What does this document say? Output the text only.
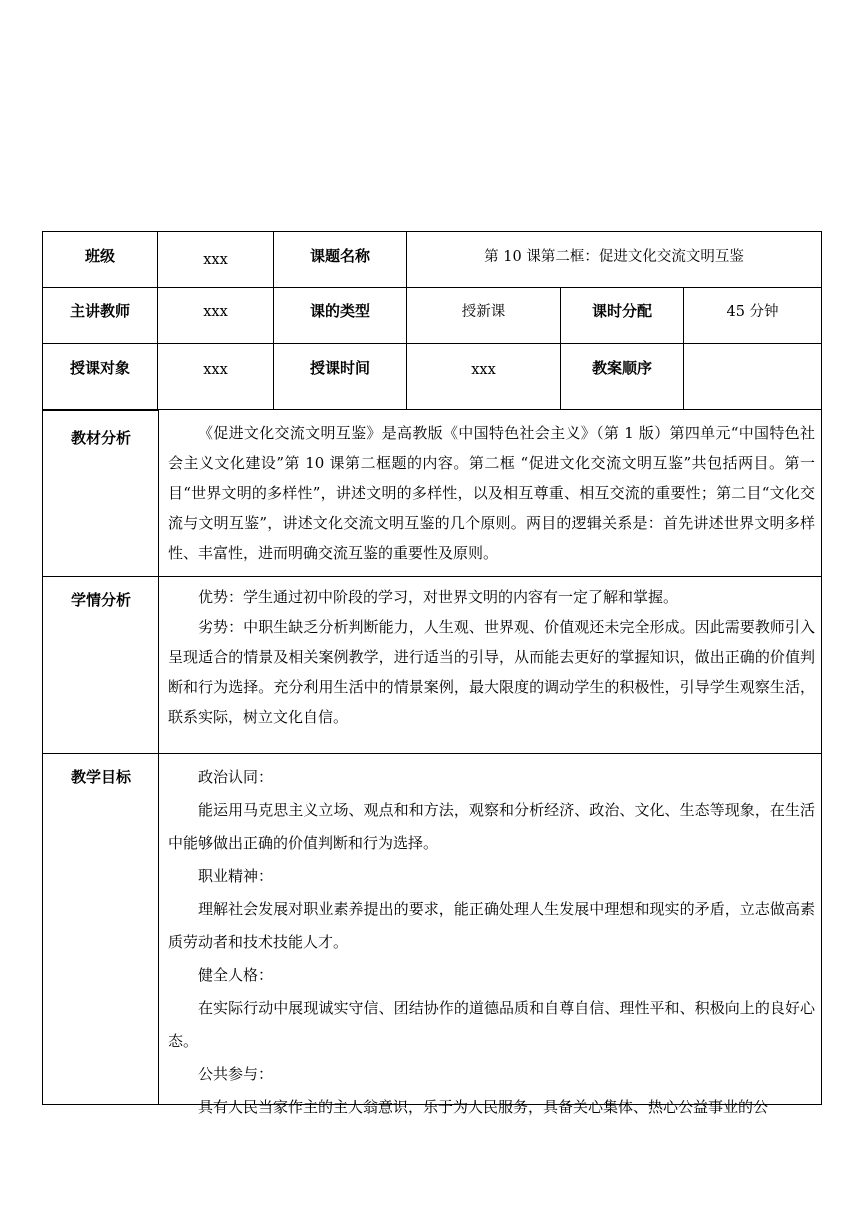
班级	xxx	课题名称	第 10 课第二框：促进文化交流文明互鉴
主讲教师	xxx	课的类型	授新课	课时分配	45 分钟
授课对象	xxx	授课时间	xxx	教案顺序
教材分析	《促进文化交流文明互鉴》是高教版《中国特色社会主义》（第 1 版）第四单元“中国特色社会主义文化建设”第 10 课第二框题的内容。第二框 “促进文化交流文明互鉴”共包括两目。第一目“世界文明的多样性”，讲述文明的多样性，以及相互尊重、相互交流的重要性；第二目“文化交流与文明互鉴”，讲述文化交流文明互鉴的几个原则。两目的逻辑关系是：首先讲述世界文明多样性、丰富性，进而明确交流互鉴的重要性及原则。

学情分析	优势：学生通过初中阶段的学习，对世界文明的内容有一定了解和掌握。

劣势：中职生缺乏分析判断能力，人生观、世界观、价值观还未完全形成。因此需要教师引入呈现适合的情景及相关案例教学，进行适当的引导，从而能去更好的掌握知识，做出正确的价值判断和行为选择。充分利用生活中的情景案例，最大限度的调动学生的积极性，引导学生观察生活，联系实际，树立文化自信。

教学目标	政治认同：

能运用马克思主义立场、观点和和方法，观察和分析经济、政治、文化、生态等现象，在生活中能够做出正确的价值判断和行为选择。

职业精神：

理解社会发展对职业素养提出的要求，能正确处理人生发展中理想和现实的矛盾，立志做高素质劳动者和技术技能人才。

健全人格：

在实际行动中展现诚实守信、团结协作的道德品质和自尊自信、理性平和、积极向上的良好心态。

公共参与：

具有人民当家作主的主人翁意识，乐于为人民服务，具备关心集体、热心公益事业的公
